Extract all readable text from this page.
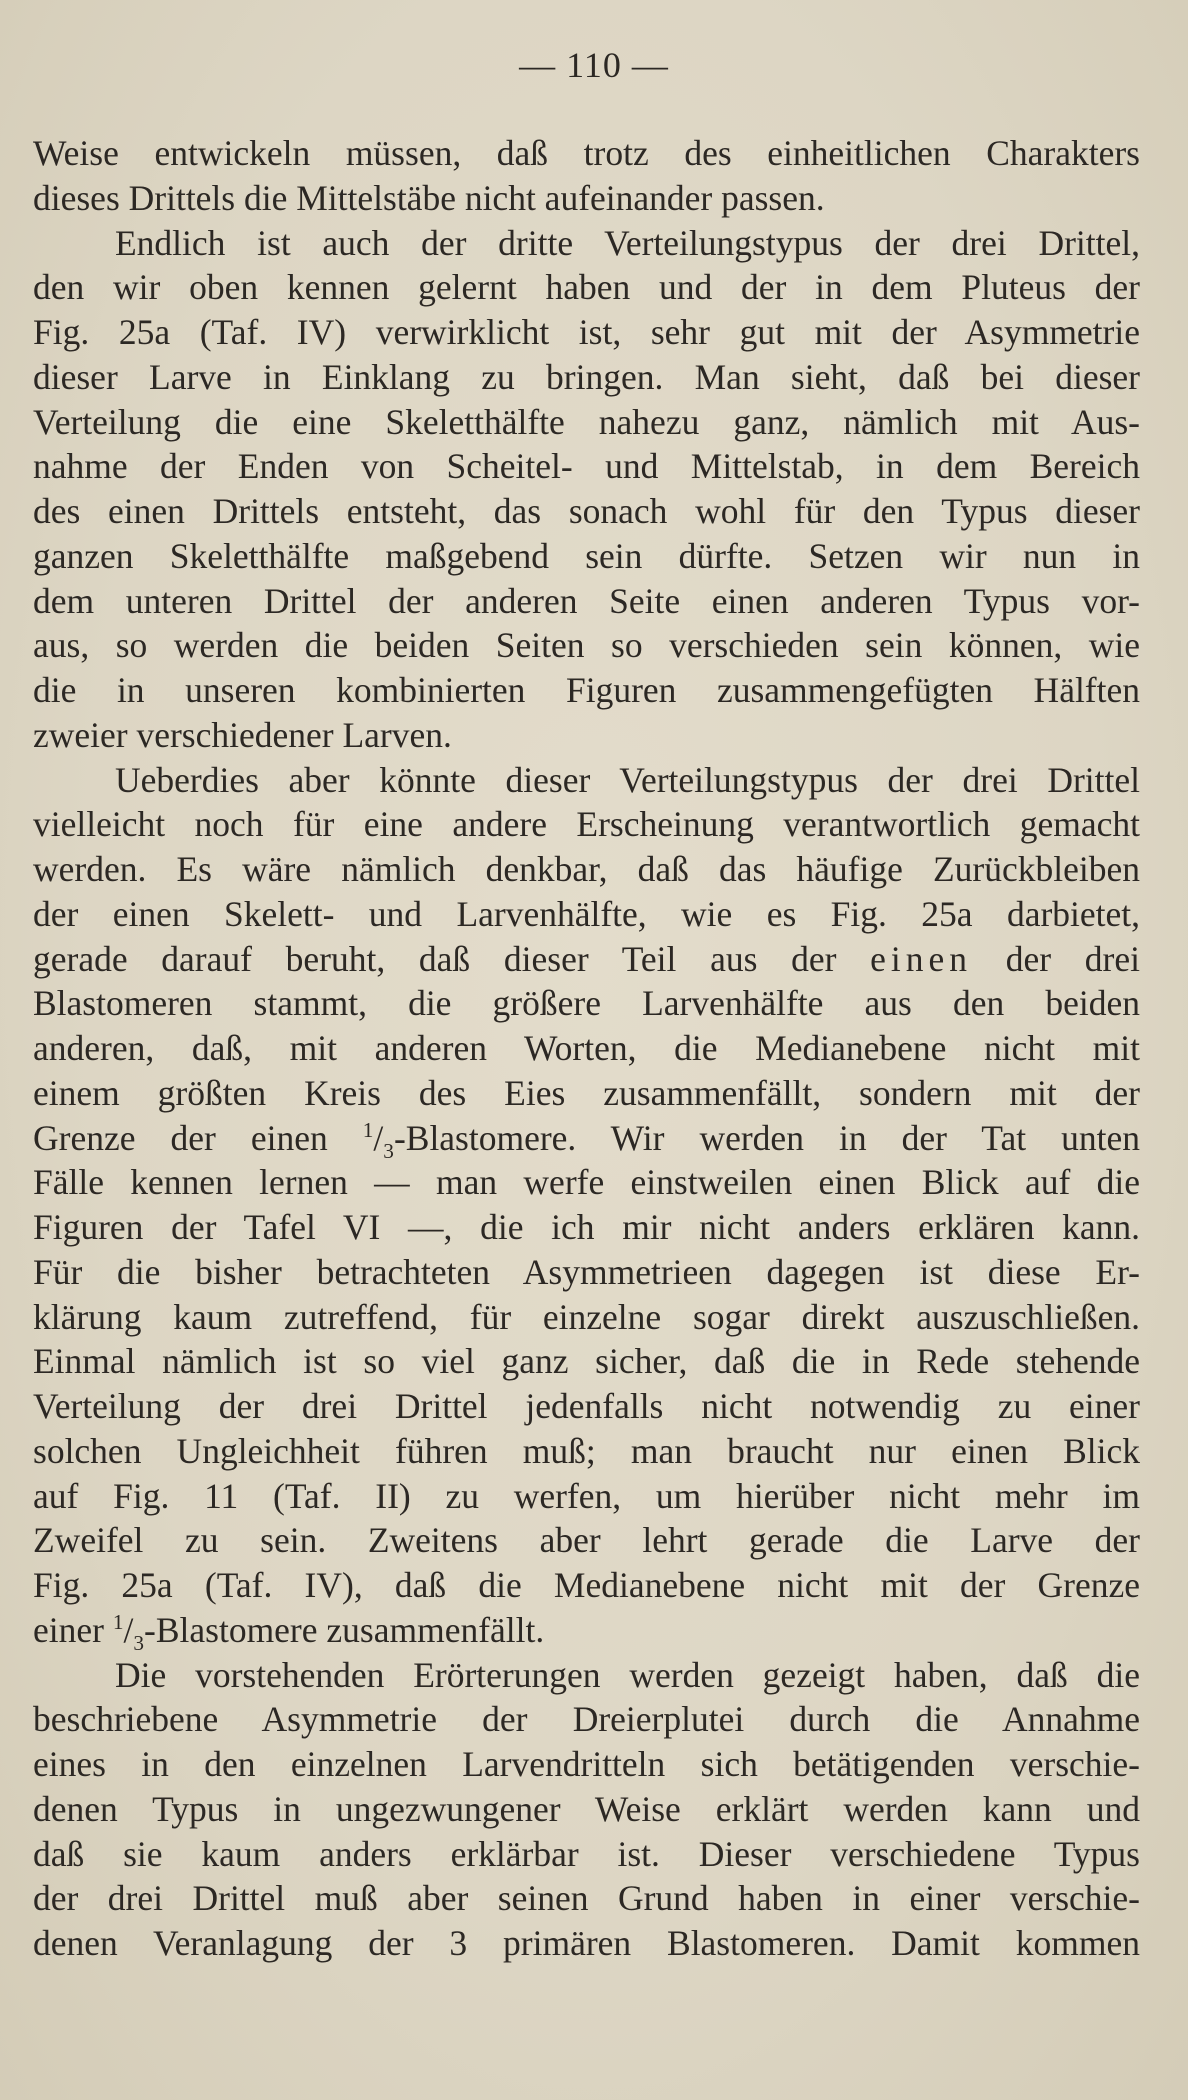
— 110 —
Weise entwickeln müssen, daß trotz des einheitlichen Charakters
dieses Drittels die Mittelstäbe nicht aufeinander passen.
Endlich ist auch der dritte Verteilungstypus der drei Drittel,
den wir oben kennen gelernt haben und der in dem Pluteus der
Fig. 25a (Taf. IV) verwirklicht ist, sehr gut mit der Asymmetrie
dieser Larve in Einklang zu bringen. Man sieht, daß bei dieser
Verteilung die eine Skeletthälfte nahezu ganz, nämlich mit Aus-
nahme der Enden von Scheitel- und Mittelstab, in dem Bereich
des einen Drittels entsteht, das sonach wohl für den Typus dieser
ganzen Skeletthälfte maßgebend sein dürfte. Setzen wir nun in
dem unteren Drittel der anderen Seite einen anderen Typus vor-
aus, so werden die beiden Seiten so verschieden sein können, wie
die in unseren kombinierten Figuren zusammengefügten Hälften
zweier verschiedener Larven.
Ueberdies aber könnte dieser Verteilungstypus der drei Drittel
vielleicht noch für eine andere Erscheinung verantwortlich gemacht
werden. Es wäre nämlich denkbar, daß das häufige Zurückbleiben
der einen Skelett- und Larvenhälfte, wie es Fig. 25a darbietet,
gerade darauf beruht, daß dieser Teil aus der einen der drei
Blastomeren stammt, die größere Larvenhälfte aus den beiden
anderen, daß, mit anderen Worten, die Medianebene nicht mit
einem größten Kreis des Eies zusammenfällt, sondern mit der
Grenze der einen $^1/_3$-Blastomere. Wir werden in der Tat unten
Fälle kennen lernen — man werfe einstweilen einen Blick auf die
Figuren der Tafel VI —, die ich mir nicht anders erklären kann.
Für die bisher betrachteten Asymmetrieen dagegen ist diese Er-
klärung kaum zutreffend, für einzelne sogar direkt auszuschließen.
Einmal nämlich ist so viel ganz sicher, daß die in Rede stehende
Verteilung der drei Drittel jedenfalls nicht notwendig zu einer
solchen Ungleichheit führen muß; man braucht nur einen Blick
auf Fig. 11 (Taf. II) zu werfen, um hierüber nicht mehr im
Zweifel zu sein. Zweitens aber lehrt gerade die Larve der
Fig. 25a (Taf. IV), daß die Medianebene nicht mit der Grenze
einer $^1/_3$-Blastomere zusammenfällt.
Die vorstehenden Erörterungen werden gezeigt haben, daß die
beschriebene Asymmetrie der Dreierplutei durch die Annahme
eines in den einzelnen Larvendritteln sich betätigenden verschie-
denen Typus in ungezwungener Weise erklärt werden kann und
daß sie kaum anders erklärbar ist. Dieser verschiedene Typus
der drei Drittel muß aber seinen Grund haben in einer verschie-
denen Veranlagung der 3 primären Blastomeren. Damit kommen
